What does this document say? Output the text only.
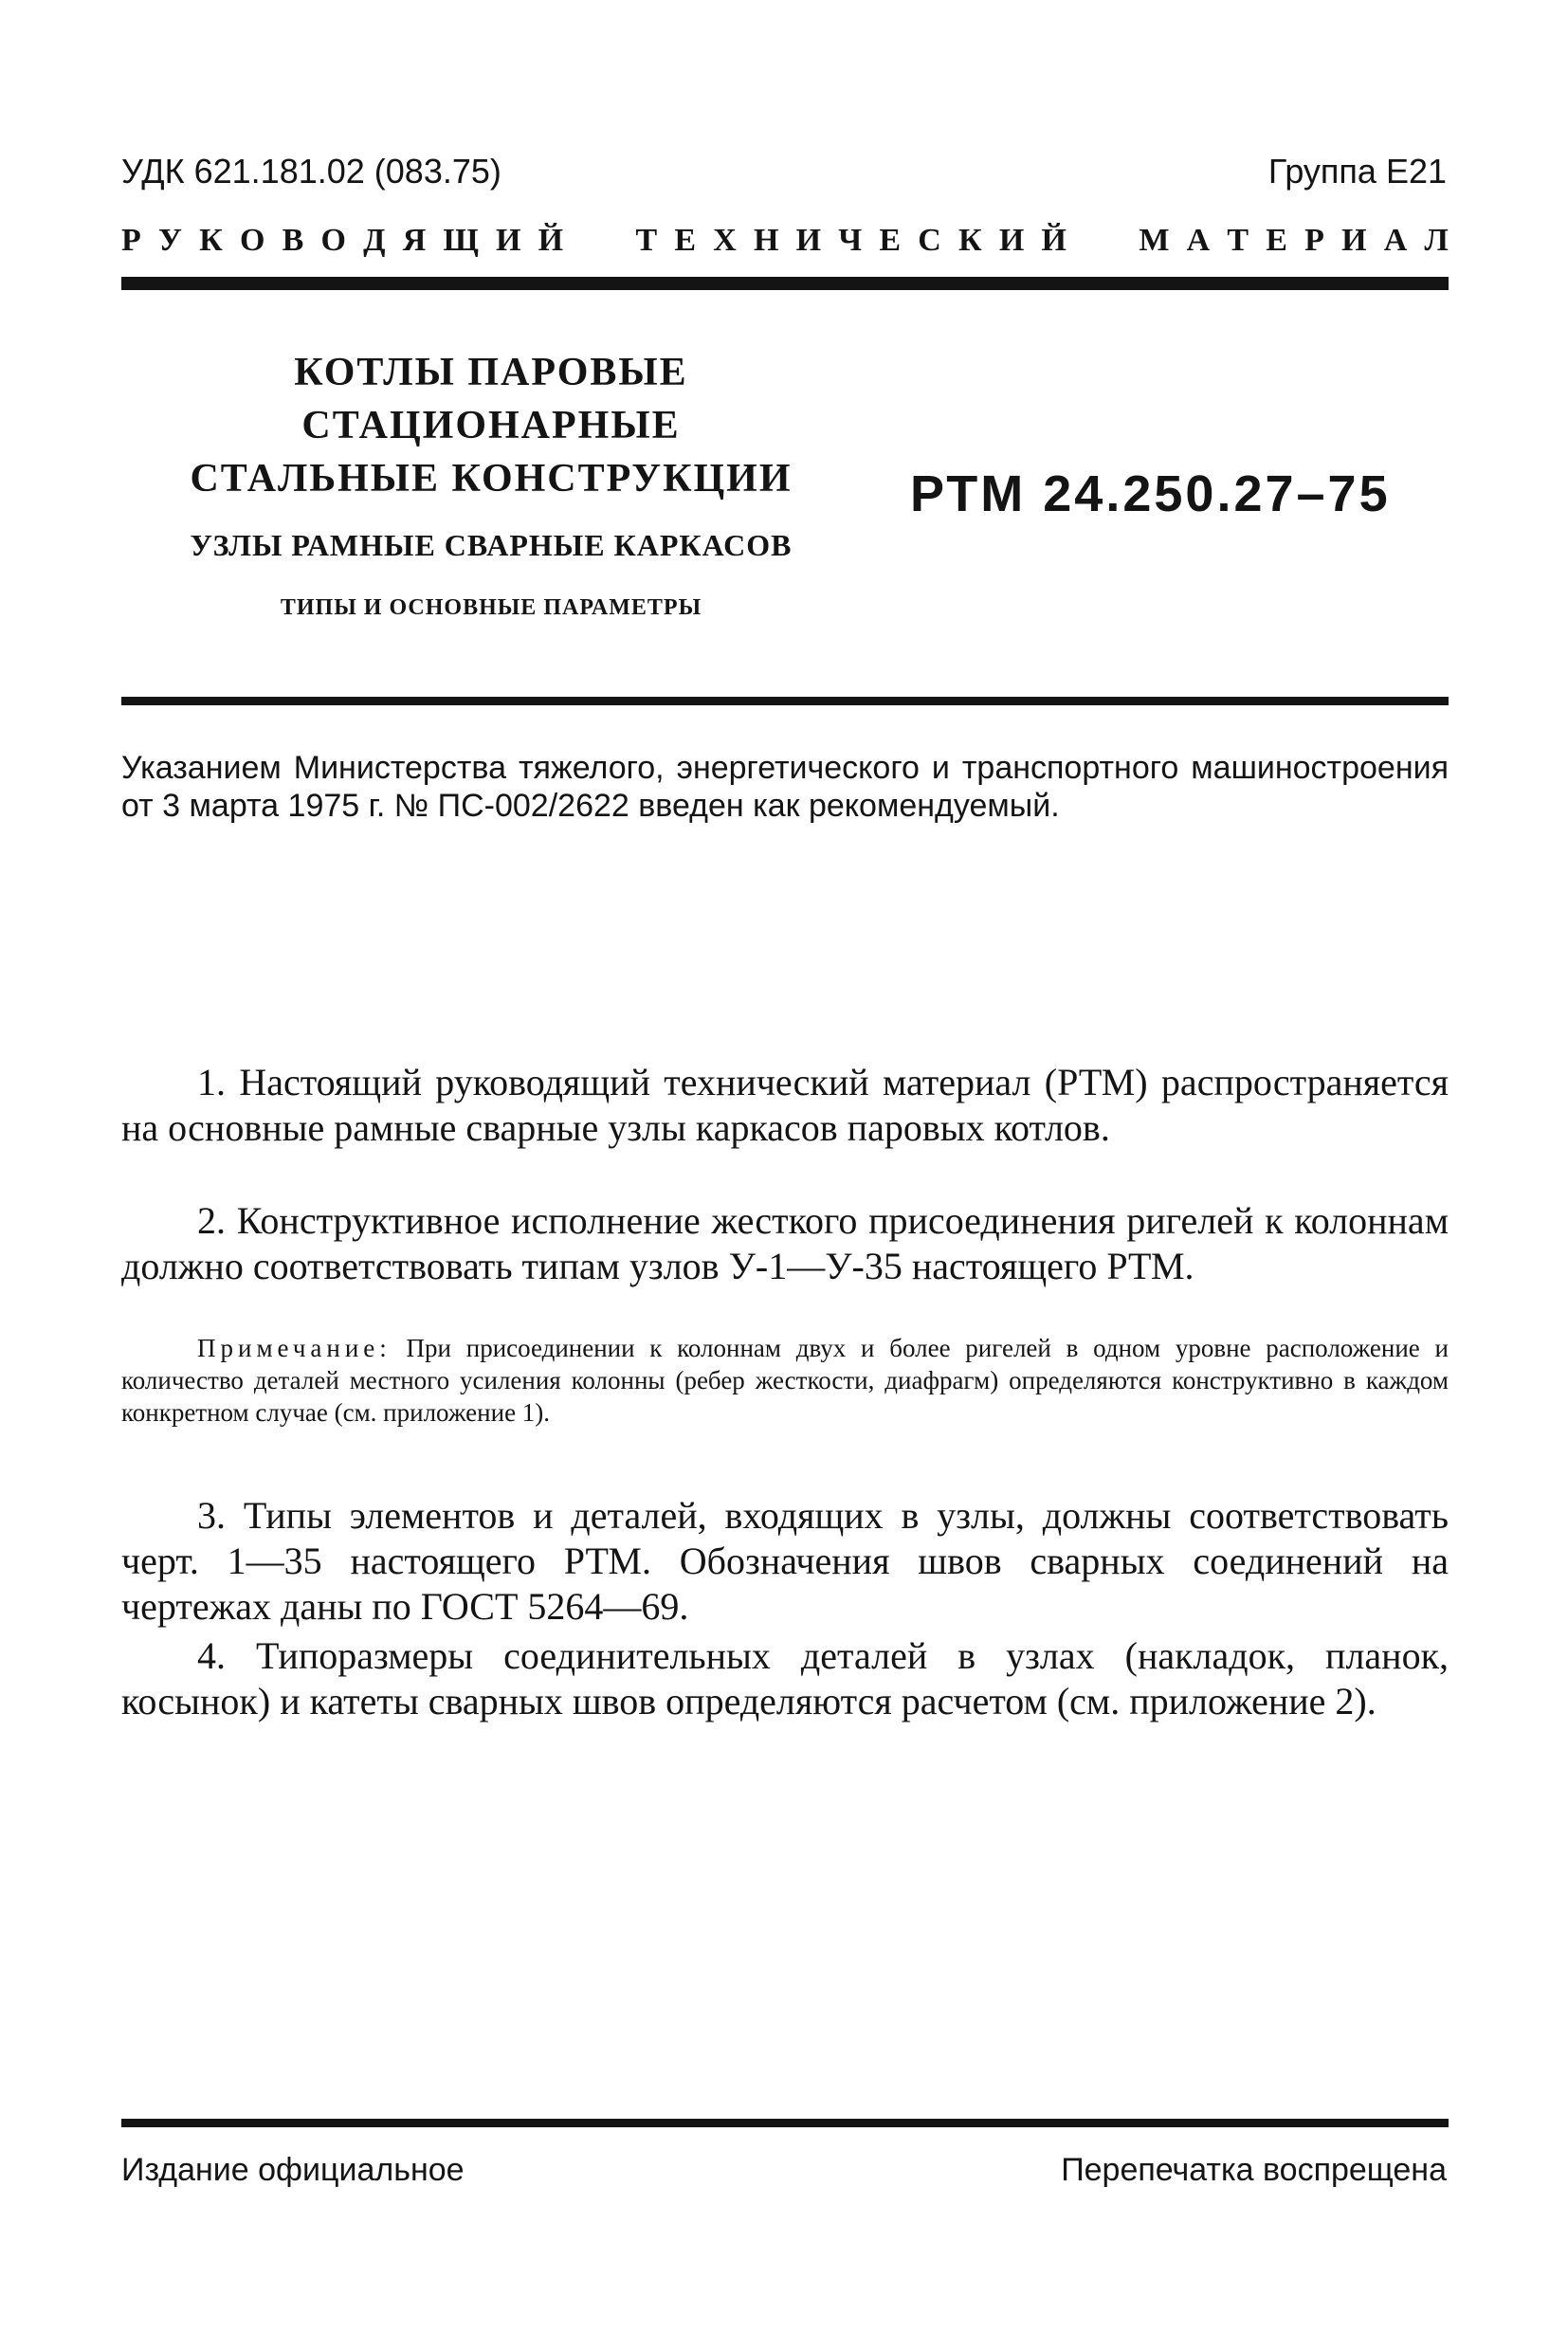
УДК 621.181.02 (083.75)	Группа Е21
Р У К О В О Д Я Щ И Й
Т Е Х Н И Ч Е С К И Й
М А Т Е Р И А Л
КОТЛЫ ПАРОВЫЕ
СТАЦИОНАРНЫЕ
СТАЛЬНЫЕ КОНСТРУКЦИИ
УЗЛЫ РАМНЫЕ СВАРНЫЕ КАРКАСОВ
ТИПЫ И ОСНОВНЫЕ ПАРАМЕТРЫ
РТМ 24.250.27–75
Указанием Министерства тяжелого, энергетического и транспортного машиностроения от 3 марта 1975 г. № ПС-002/2622 введен как рекомендуемый.
1. Настоящий руководящий технический материал (РТМ) распространяется на основные рамные сварные узлы каркасов паровых котлов.
2. Конструктивное исполнение жесткого присоединения ригелей к колоннам должно соответствовать типам узлов У-1—У-35 настоящего РТМ.
Примечание: При присоединении к колоннам двух и более ригелей в одном уровне расположение и количество деталей местного усиления колонны (ребер жесткости, диафрагм) определяются конструктивно в каждом конкретном случае (см. приложение 1).
3. Типы элементов и деталей, входящих в узлы, должны соответствовать черт. 1—35 настоящего РТМ. Обозначения швов сварных соединений на чертежах даны по ГОСТ 5264—69.
4. Типоразмеры соединительных деталей в узлах (накладок, планок, косынок) и катеты сварных швов определяются расчетом (см. приложение 2).
Издание официальное	Перепечатка воспрещена
